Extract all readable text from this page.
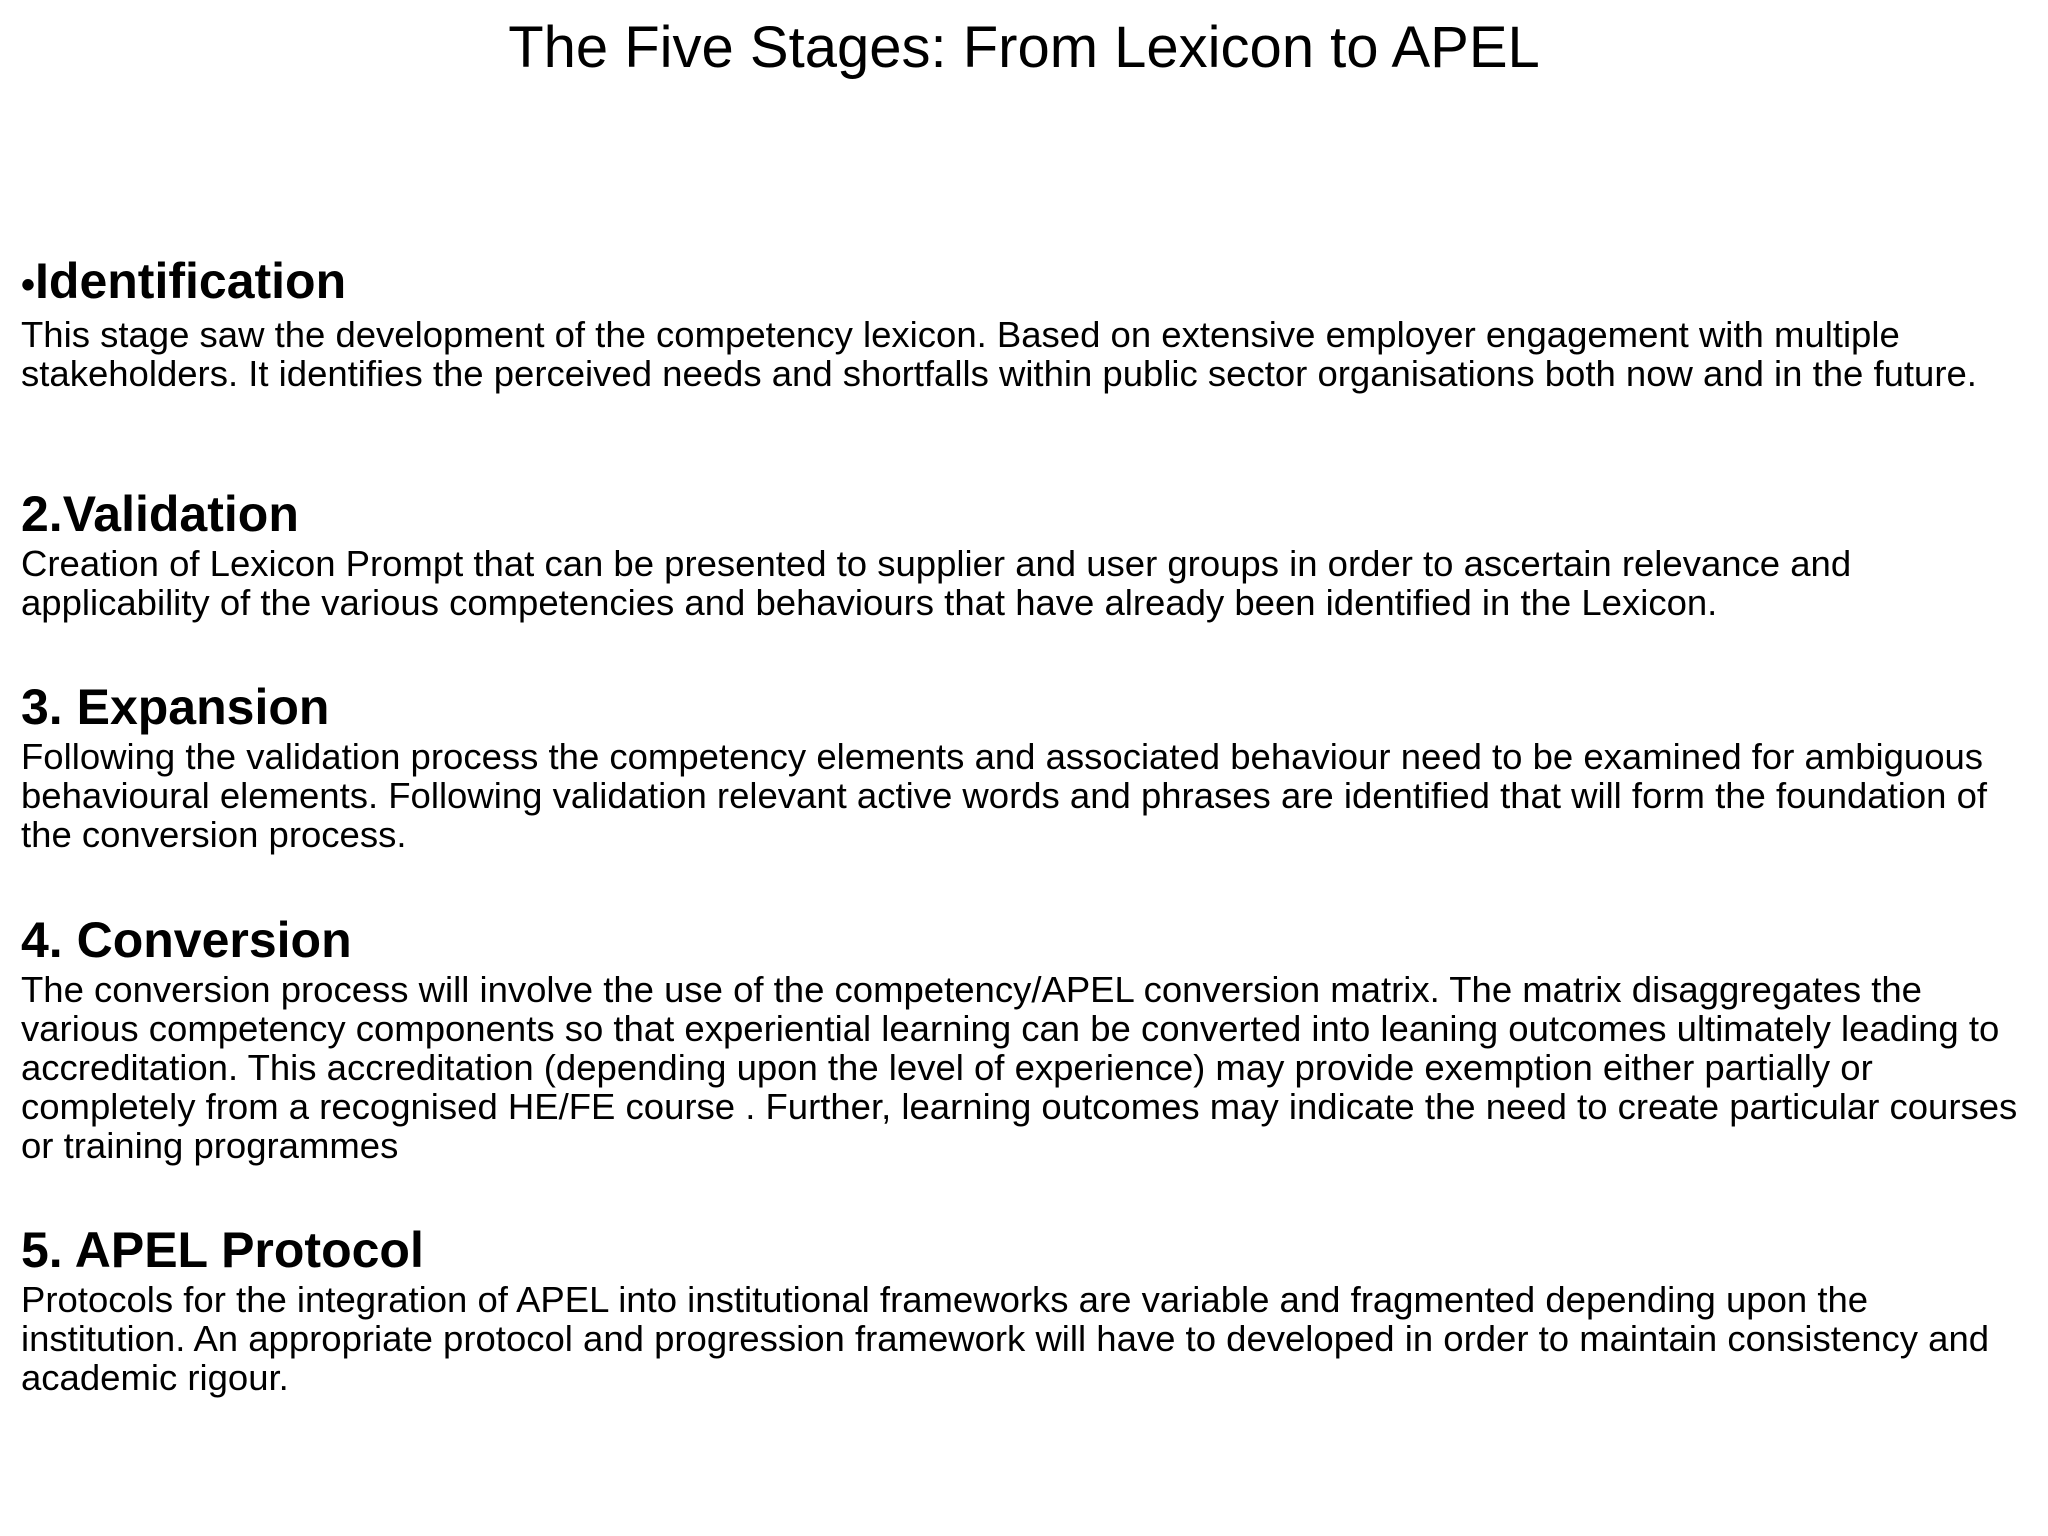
The Five Stages: From Lexicon to APEL
•Identification

This stage saw the development of the competency lexicon. Based on extensive employer engagement with multiple stakeholders. It identifies the perceived needs and shortfalls within public sector organisations both now and in the future.

2.Validation

Creation of Lexicon Prompt that can be presented to supplier and user groups in order to ascertain relevance and applicability of the various competencies and behaviours that have already been identified in the Lexicon.

3. Expansion

Following the validation process the competency elements and associated behaviour need to be examined for ambiguous behavioural elements. Following validation relevant active words and phrases are identified that will form the foundation of the conversion process.

4. Conversion

The conversion process will involve the use of the competency/APEL conversion matrix. The matrix disaggregates the various competency components so that experiential learning can be converted into leaning outcomes ultimately leading to accreditation. This accreditation (depending upon the level of experience) may provide exemption either partially or completely from a recognised HE/FE course . Further, learning outcomes may indicate the need to create particular courses or training programmes

5. APEL Protocol

Protocols for the integration of APEL into institutional frameworks are variable and fragmented depending upon the institution. An appropriate protocol and progression framework will have to developed in order to maintain consistency and academic rigour.
